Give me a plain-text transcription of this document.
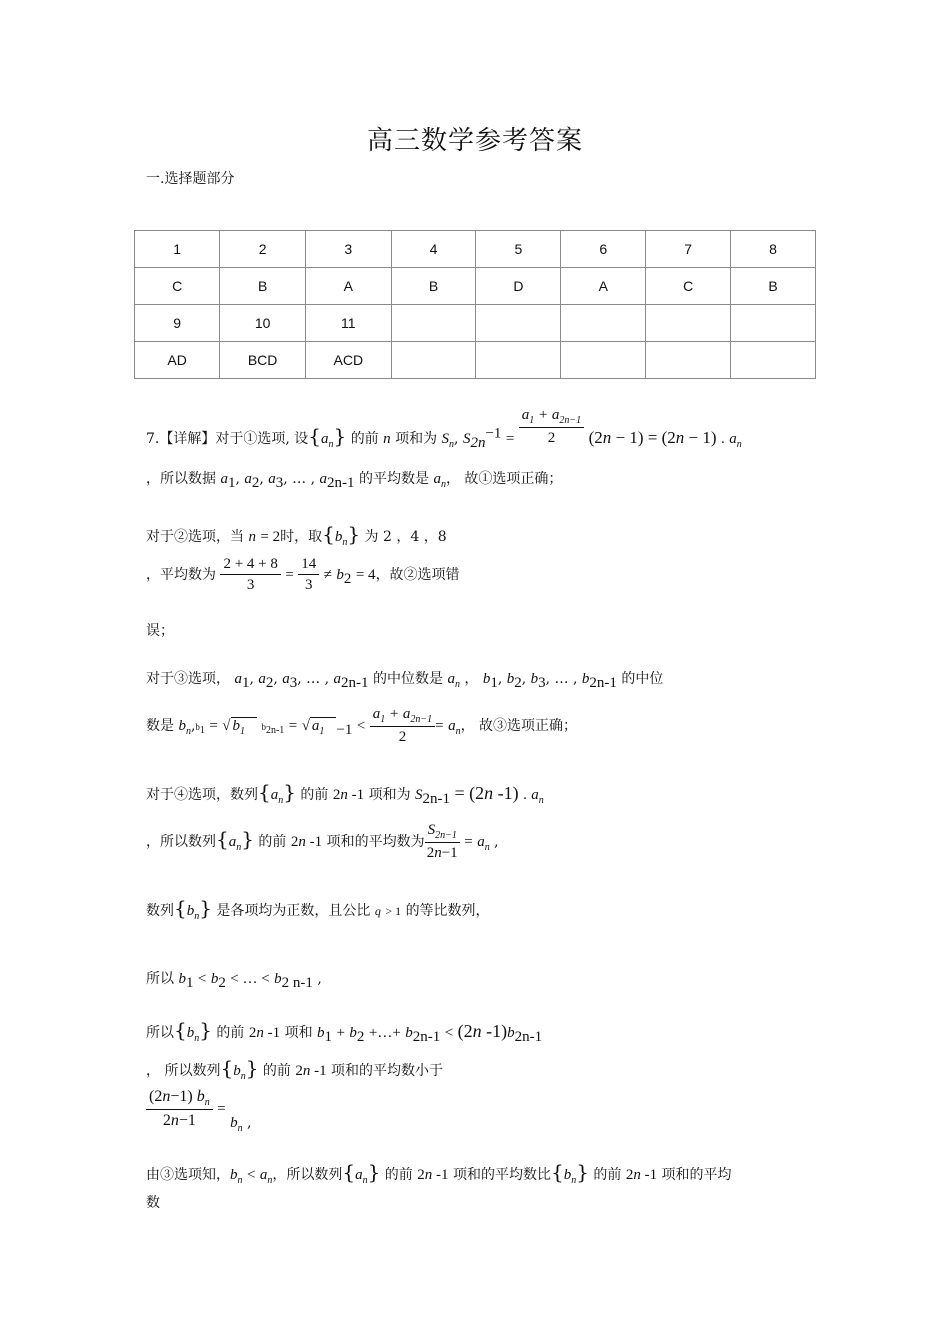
高三数学参考答案
一.选择题部分
1	2	3	4	5	6	7	8
C	B	A	B	D	A	C	B
9	10	11					
AD	BCD	ACD					
7.【详解】对于①选项, 设$\{a_n\}$ 的前 n 项和为 $S_n$, $S_{2n}^{-1} = \frac{a_1 + a_{2n-1}}{2} (2n - 1) = (2n - 1)$ . $a_n$
，所以数据 $a_1$, $a_2$, $a_3$, … , $a_{2n-1}$ 的平均数是 $a_n$， 故①选项正确；
对于②选项，当 n = 2时，取$\{b_n\}$ 为 2 ，4 ，8
，平均数为 $\frac{2 + 4 + 8}{3} = \frac{14}{3} \ne b_2 = 4$，故②选项错
误；
对于③选项， $a_1$, $a_2$, $a_3$, … , $a_{2n-1}$ 的中位数是 $a_n$ ， $b_1$, $b_2$, $b_3$, … , $b_{2n-1}$ 的中位
数是 $b_n,b_1$ = √ $b_1$ $b_{2n-1}$ = √ $a_1$ $_{-1} < \frac{a_1 + a_{2n-1}}{2} = a_n$， 故③选项正确；
对于④选项，数列$\{a_n\}$ 的前 2n -1 项和为 $S_{2n-1} = (2n$ -1) . $a_n$
，所以数列$\{a_n\}$ 的前 2n -1 项和的平均数为 $\frac{S_{2n-1}}{2n-1} = a_n$ ,
数列$\{b_n\}$ 是各项均为正数，且公比 q > 1 的等比数列，
所以 $b_1 < b_2$ < … < $b_{2 n-1}$ ,
所以$\{b_n\}$ 的前 2n -1 项和 $b_1 + b_2$ +…+ $b_{2n-1} < (2n$ $-1)b_{2n-1}$
， 所以数列$\{b_n\}$ 的前 2n -1 项和的平均数小于
$\frac{(2n-1) b_n}{2n-1} = b_n$ ,
由③选项知，$b_n < a_n$，所以数列$\{a_n\}$ 的前 2n -1 项和的平均数比$\{b_n\}$ 的前 2n -1 项和的平均
数
